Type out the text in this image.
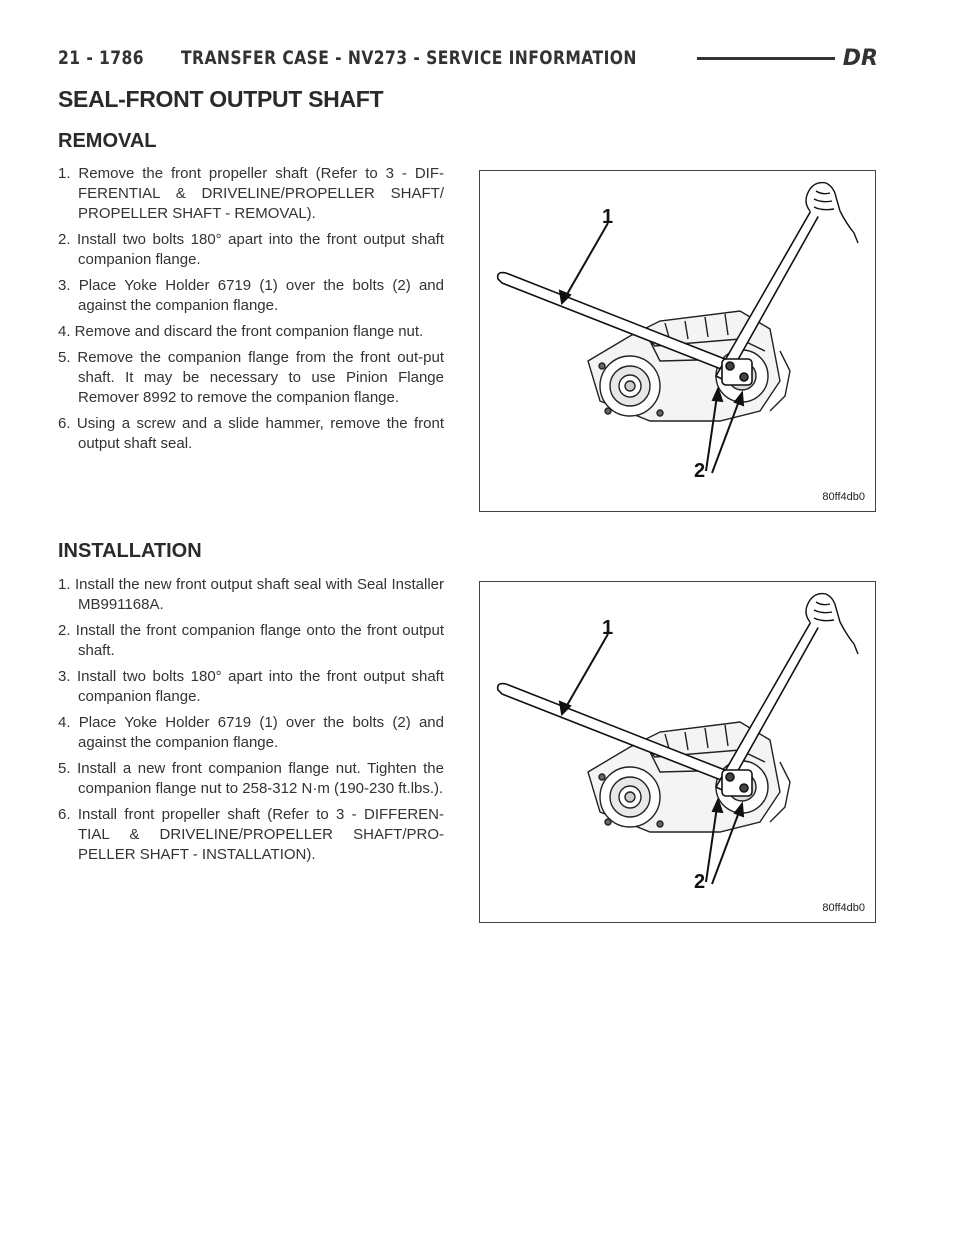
21 - 1786 TRANSFER CASE - NV273 - SERVICE INFORMATION	DR
SEAL-FRONT OUTPUT SHAFT
REMOVAL
1. Remove the front propeller shaft (Refer to 3 - DIF-FERENTIAL & DRIVELINE/PROPELLER SHAFT/ PROPELLER SHAFT - REMOVAL).
2. Install two bolts 180° apart into the front output shaft companion flange.
3. Place Yoke Holder 6719 (1) over the bolts (2) and against the companion flange.
4. Remove and discard the front companion flange nut.
5. Remove the companion flange from the front out-put shaft. It may be necessary to use Pinion Flange Remover 8992 to remove the companion flange.
6. Using a screw and a slide hammer, remove the front output shaft seal.
1
2
80ff4db0
INSTALLATION
1. Install the new front output shaft seal with Seal Installer MB991168A.
2. Install the front companion flange onto the front output shaft.
3. Install two bolts 180° apart into the front output shaft companion flange.
4. Place Yoke Holder 6719 (1) over the bolts (2) and against the companion flange.
5. Install a new front companion flange nut. Tighten the companion flange nut to 258-312 N·m (190-230 ft.lbs.).
6. Install front propeller shaft (Refer to 3 - DIFFEREN-TIAL & DRIVELINE/PROPELLER SHAFT/PRO-PELLER SHAFT - INSTALLATION).
1
2
80ff4db0
